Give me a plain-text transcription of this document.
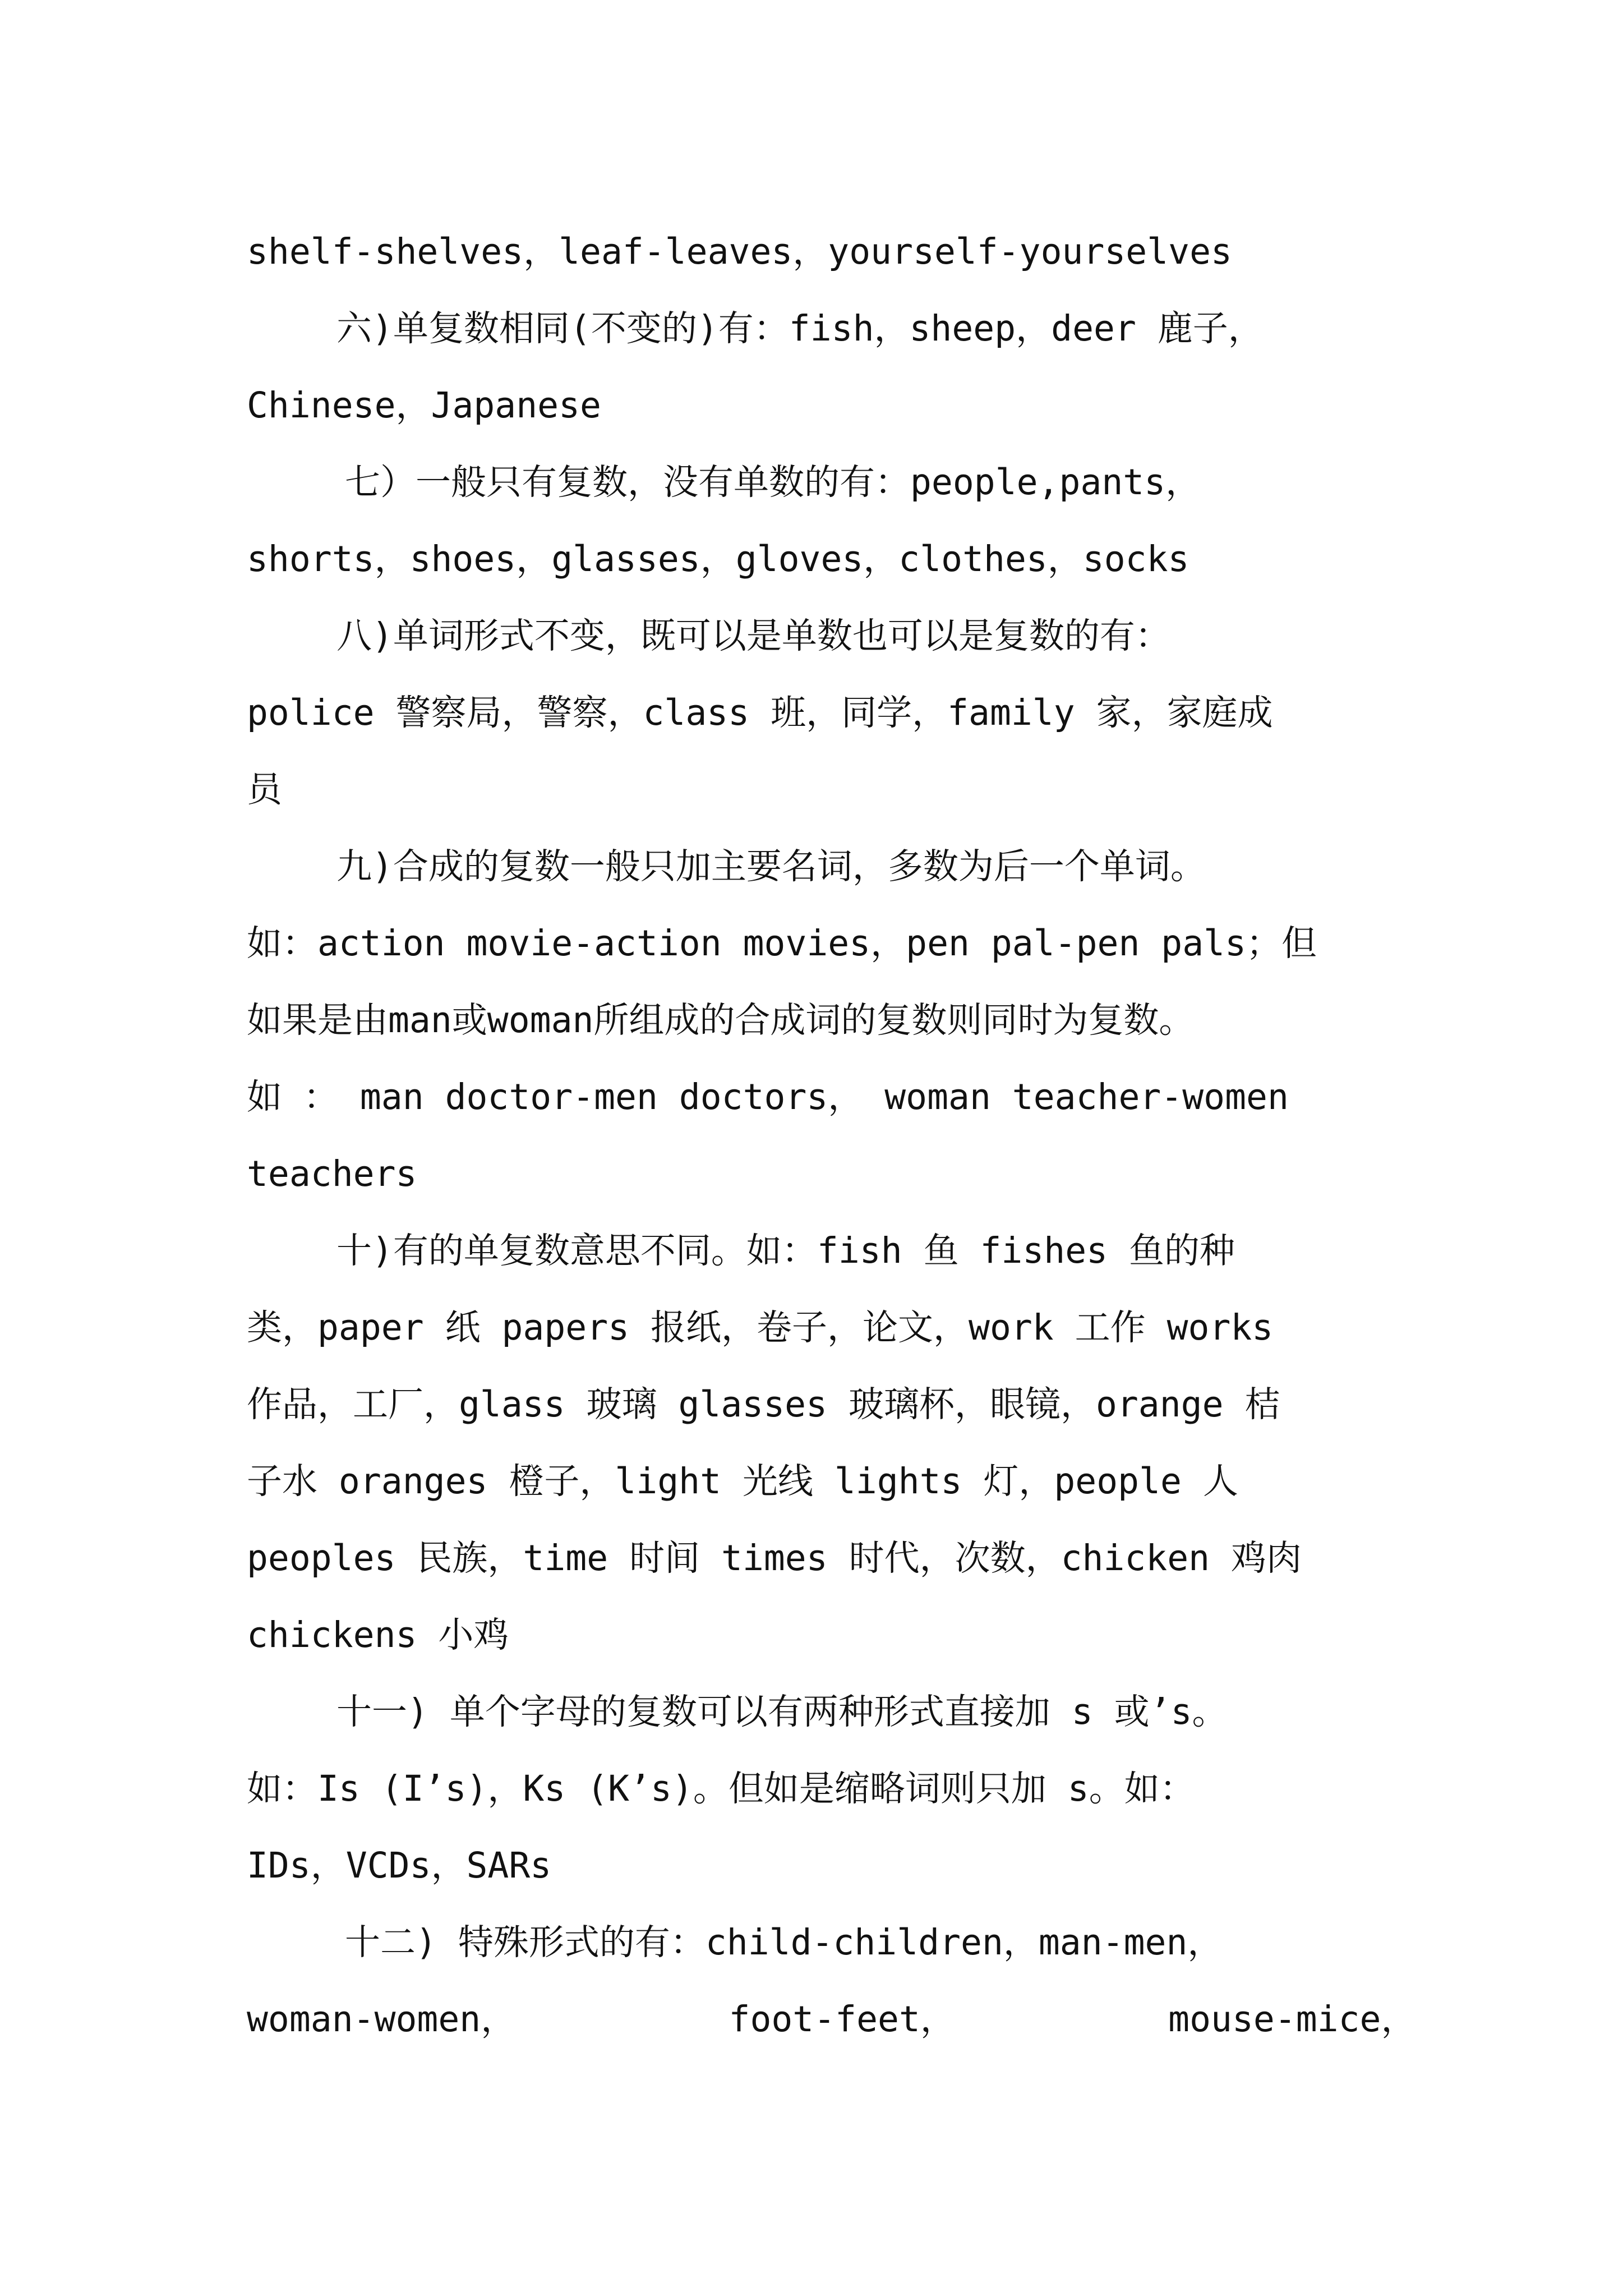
shelf-shelves，leaf-leaves，yourself-yourselves
六)单复数相同(不变的)有：fish，sheep，deer 鹿子，
Chinese，Japanese
七）一般只有复数，没有单数的有：people,pants，
shorts，shoes，glasses，gloves，clothes，socks
八)单词形式不变，既可以是单数也可以是复数的有：
police 警察局，警察，class 班，同学，family 家，家庭成
员
九)合成的复数一般只加主要名词，多数为后一个单词。
如：action movie-action movies，pen pal-pen pals；但
如果是由man或woman所组成的合成词的复数则同时为复数。
如 ： man doctor-men doctors， woman teacher-women
teachers
十)有的单复数意思不同。如：fish 鱼 fishes 鱼的种
类，paper 纸 papers 报纸，卷子，论文，work 工作 works
作品，工厂，glass 玻璃 glasses 玻璃杯，眼镜，orange 桔
子水 oranges 橙子，light 光线 lights 灯，people 人
peoples 民族，time 时间 times 时代，次数，chicken 鸡肉
chickens 小鸡
十一) 单个字母的复数可以有两种形式直接加 s 或’s。
如：Is (I’s)，Ks (K’s)。但如是缩略词则只加 s。如：
IDs，VCDs，SARs
十二) 特殊形式的有：child-children，man-men，
woman-women，          foot-feet，          mouse-mice，
